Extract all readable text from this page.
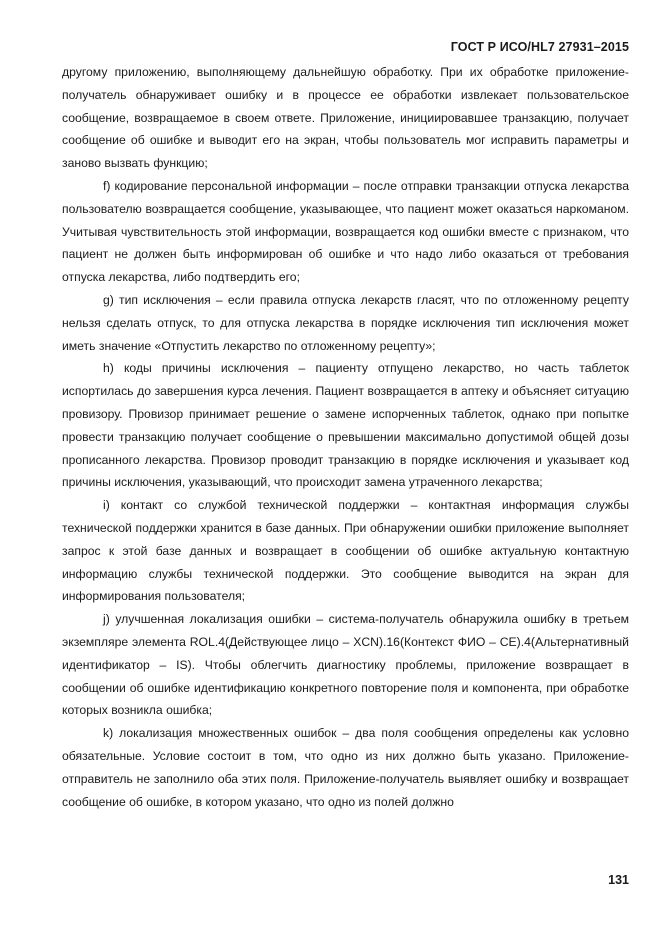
ГОСТ Р ИСО/HL7 27931–2015

другому приложению, выполняющему дальнейшую обработку. При их обработке приложение-получатель обнаруживает ошибку и в процессе ее обработки извлекает пользовательское сообщение, возвращаемое в своем ответе. Приложение, инициировавшее транзакцию, получает сообщение об ошибке и выводит его на экран, чтобы пользователь мог исправить параметры и заново вызвать функцию;

f) кодирование персональной информации – после отправки транзакции отпуска лекарства пользователю возвращается сообщение, указывающее, что пациент может оказаться наркоманом. Учитывая чувствительность этой информации, возвращается код ошибки вместе с признаком, что пациент не должен быть информирован об ошибке и что надо либо оказаться от требования отпуска лекарства, либо подтвердить его;

g) тип исключения – если правила отпуска лекарств гласят, что по отложенному рецепту нельзя сделать отпуск, то для отпуска лекарства в порядке исключения тип исключения может иметь значение «Отпустить лекарство по отложенному рецепту»;

h) коды причины исключения – пациенту отпущено лекарство, но часть таблеток испортилась до завершения курса лечения. Пациент возвращается в аптеку и объясняет ситуацию провизору. Провизор принимает решение о замене испорченных таблеток, однако при попытке провести транзакцию получает сообщение о превышении максимально допустимой общей дозы прописанного лекарства. Провизор проводит транзакцию в порядке исключения и указывает код причины исключения, указывающий, что происходит замена утраченного лекарства;

i) контакт со службой технической поддержки – контактная информация службы технической поддержки хранится в базе данных. При обнаружении ошибки приложение выполняет запрос к этой базе данных и возвращает в сообщении об ошибке актуальную контактную информацию службы технической поддержки. Это сообщение выводится на экран для информирования пользователя;

j) улучшенная локализация ошибки – система-получатель обнаружила ошибку в третьем экземпляре элемента ROL.4(Действующее лицо – XCN).16(Контекст ФИО – CE).4(Альтернативный идентификатор – IS). Чтобы облегчить диагностику проблемы, приложение возвращает в сообщении об ошибке идентификацию конкретного повторение поля и компонента, при обработке которых возникла ошибка;

k) локализация множественных ошибок – два поля сообщения определены как условно обязательные. Условие состоит в том, что одно из них должно быть указано. Приложение-отправитель не заполнило оба этих поля. Приложение-получатель выявляет ошибку и возвращает сообщение об ошибке, в котором указано, что одно из полей должно

131
